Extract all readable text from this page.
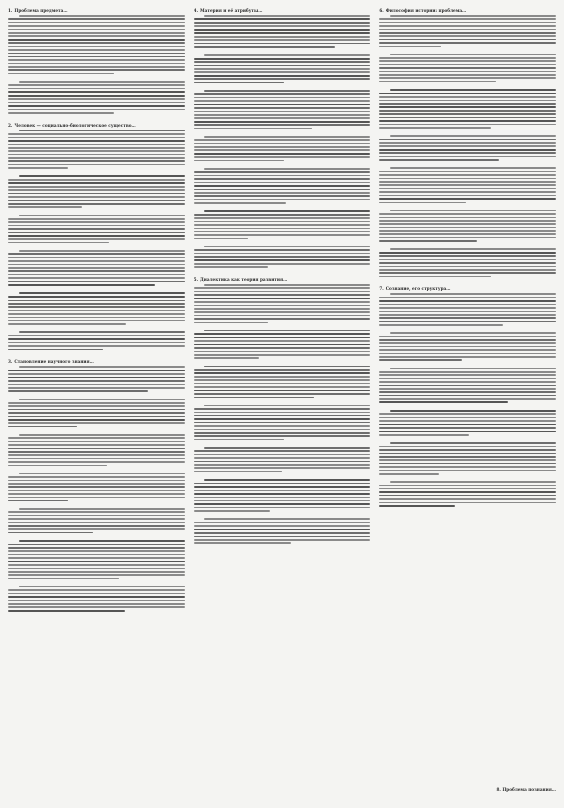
1. Проблема предмета…
2. Человек — социально-биологическое существо…
3. Становление научного знания…
4. Материя и её атрибуты…
5. Диалектика как теория развития…
6. Философия истории: проблема…
7. Сознание, его структура…
8. Проблема познания…
